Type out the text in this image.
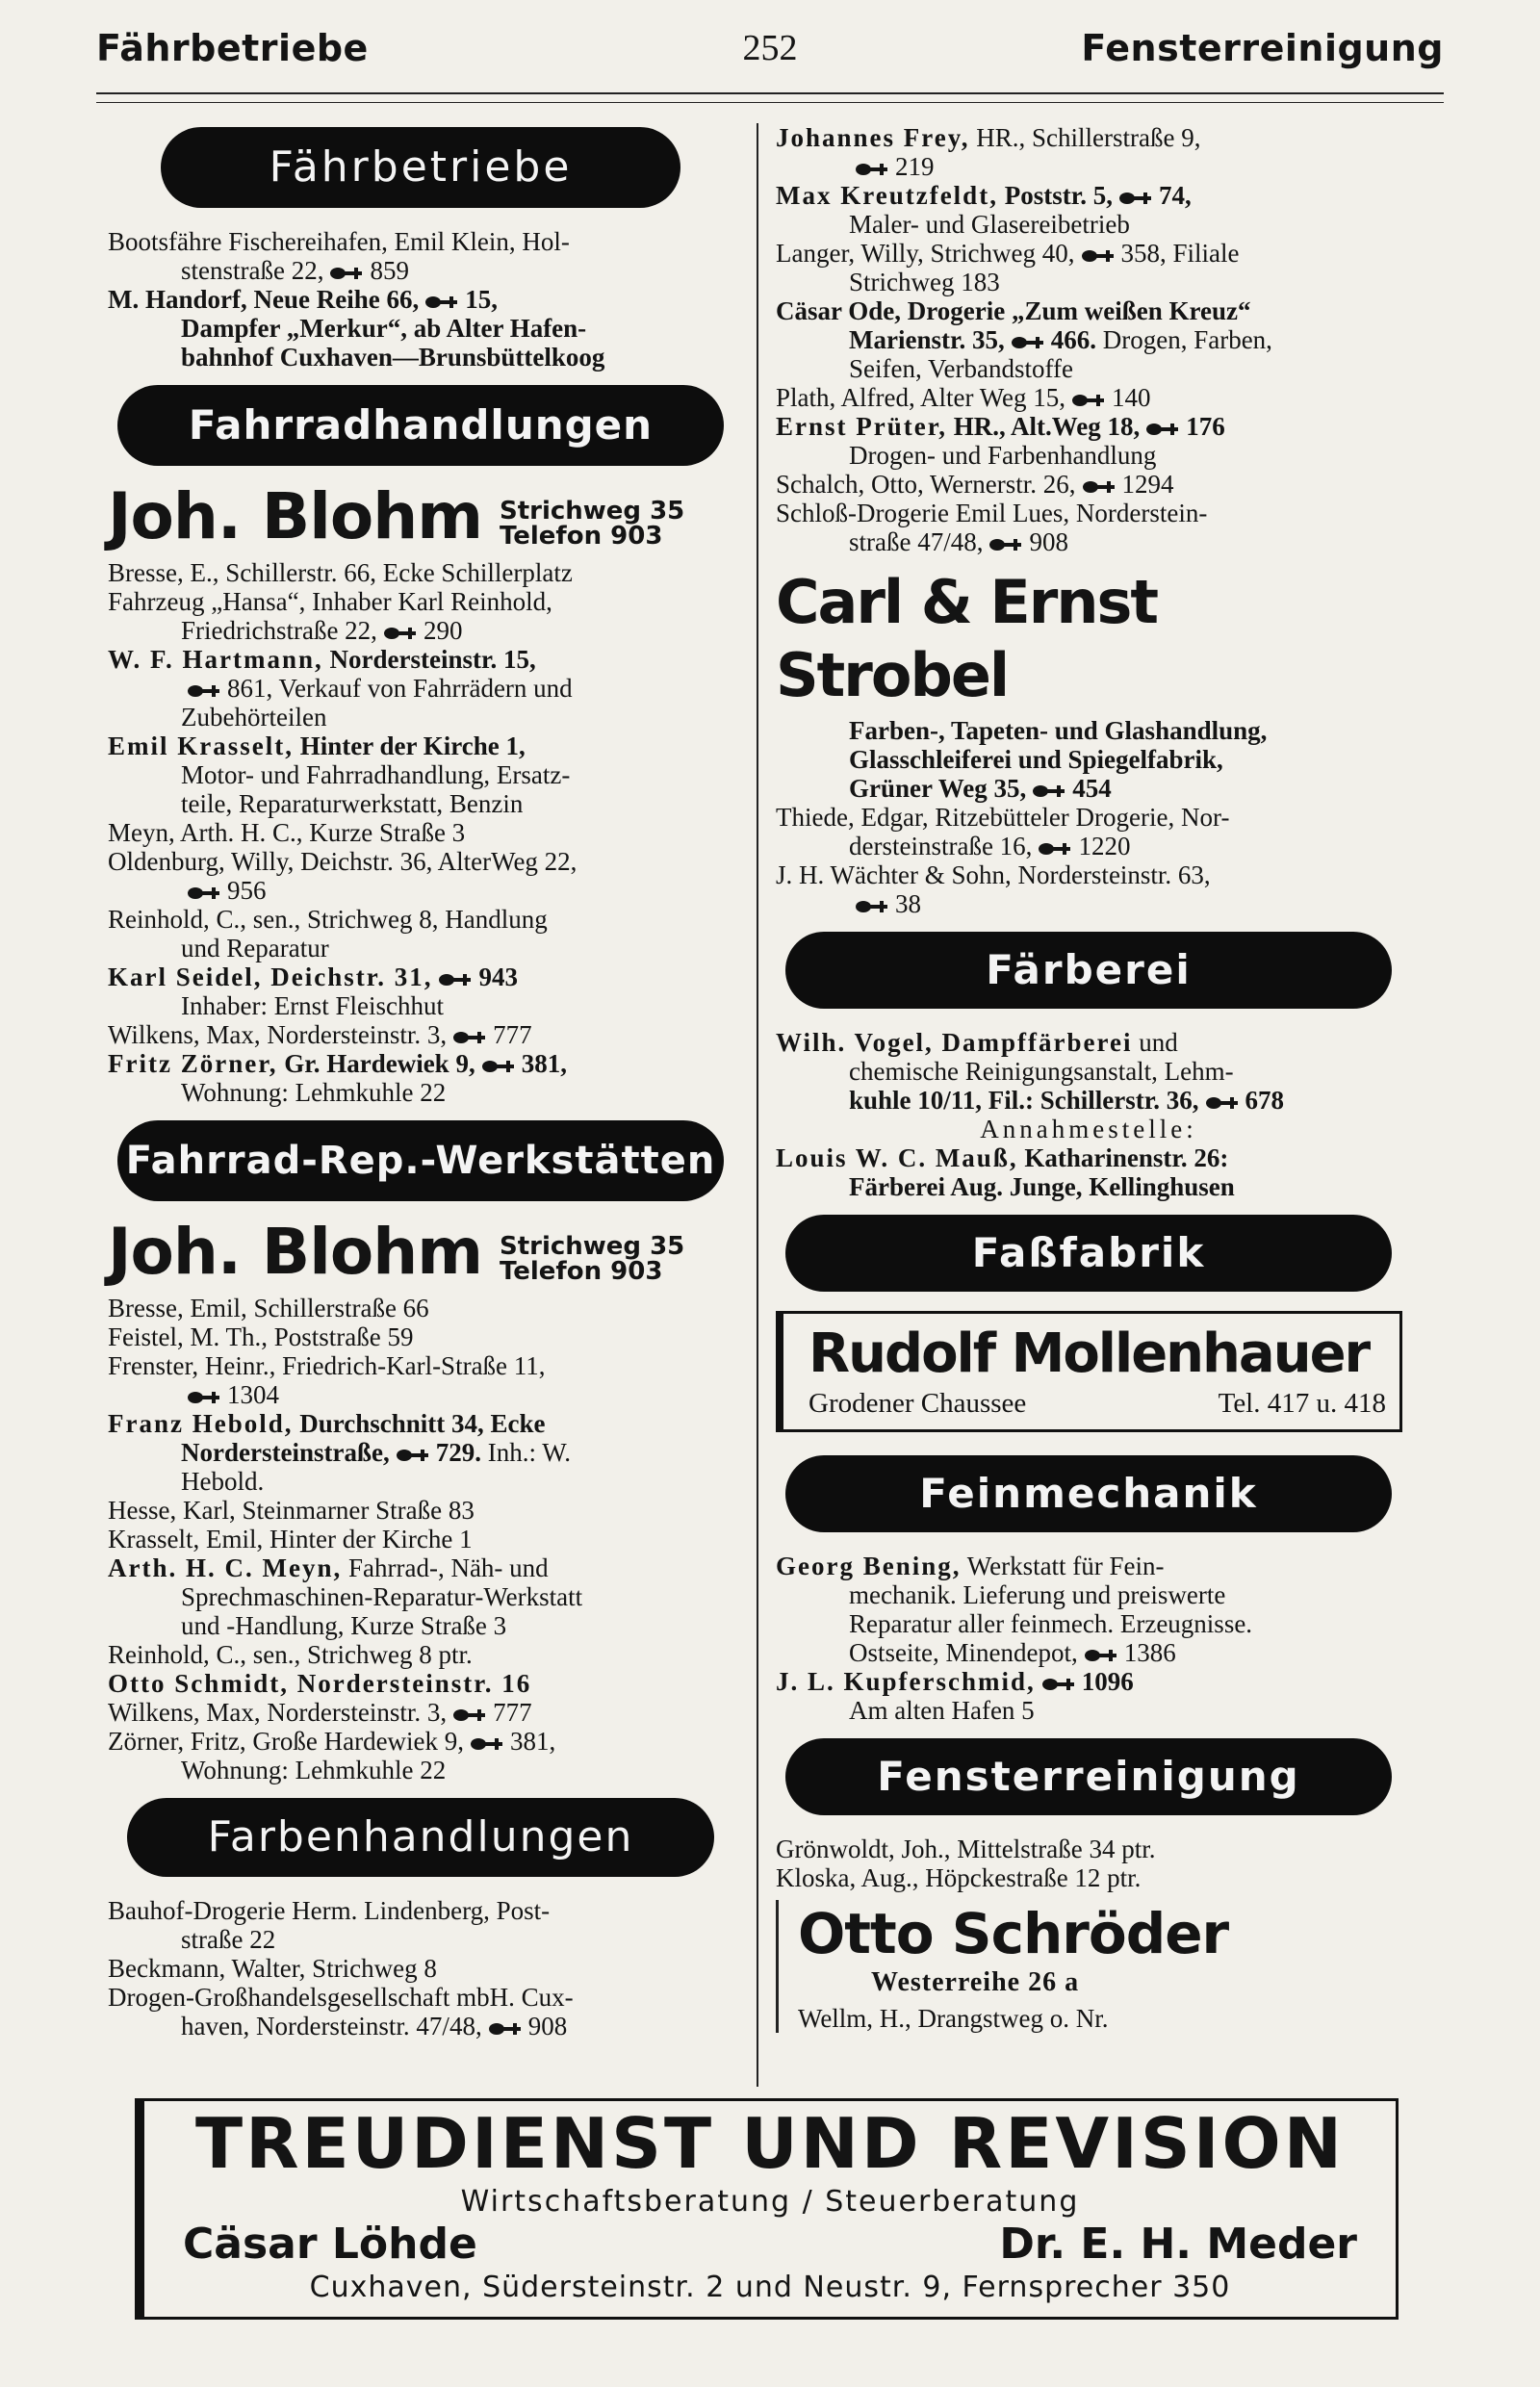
Fährbetriebe	252	Fensterreinigung
Fährbetriebe
Bootsfähre Fischereihafen, Emil Klein, Hol-
stenstraße 22, 859
M. Handorf, Neue Reihe 66, 15,
Dampfer „Merkur“, ab Alter Hafen-
bahnhof Cuxhaven—Brunsbüttelkoog
Fahrradhandlungen
Joh. Blohm Strichweg 35
Telefon 903
Bresse, E., Schillerstr. 66, Ecke Schillerplatz
Fahrzeug „Hansa“, Inhaber Karl Reinhold,
Friedrichstraße 22, 290
W. F. Hartmann, Nordersteinstr. 15,
861, Verkauf von Fahrrädern und
Zubehörteilen
Emil Krasselt, Hinter der Kirche 1,
Motor- und Fahrradhandlung, Ersatz-
teile, Reparaturwerkstatt, Benzin
Meyn, Arth. H. C., Kurze Straße 3
Oldenburg, Willy, Deichstr. 36, AlterWeg 22,
956
Reinhold, C., sen., Strichweg 8, Handlung
und Reparatur
Karl Seidel, Deichstr. 31, 943
Inhaber: Ernst Fleischhut
Wilkens, Max, Nordersteinstr. 3, 777
Fritz Zörner, Gr. Hardewiek 9, 381,
Wohnung: Lehmkuhle 22
Fahrrad-Rep.-Werkstätten
Joh. Blohm Strichweg 35
Telefon 903
Bresse, Emil, Schillerstraße 66
Feistel, M. Th., Poststraße 59
Frenster, Heinr., Friedrich-Karl-Straße 11,
1304
Franz Hebold, Durchschnitt 34, Ecke
Nordersteinstraße, 729. Inh.: W.
Hebold.
Hesse, Karl, Steinmarner Straße 83
Krasselt, Emil, Hinter der Kirche 1
Arth. H. C. Meyn, Fahrrad-, Näh- und
Sprechmaschinen-Reparatur-Werkstatt
und -Handlung, Kurze Straße 3
Reinhold, C., sen., Strichweg 8 ptr.
Otto Schmidt, Nordersteinstr. 16
Wilkens, Max, Nordersteinstr. 3, 777
Zörner, Fritz, Große Hardewiek 9, 381,
Wohnung: Lehmkuhle 22
Farbenhandlungen
Bauhof-Drogerie Herm. Lindenberg, Post-
straße 22
Beckmann, Walter, Strichweg 8
Drogen-Großhandelsgesellschaft mbH. Cux-
haven, Nordersteinstr. 47/48, 908
Johannes Frey, HR., Schillerstraße 9,
219
Max Kreutzfeldt, Poststr. 5, 74,
Maler- und Glasereibetrieb
Langer, Willy, Strichweg 40, 358, Filiale
Strichweg 183
Cäsar Ode, Drogerie „Zum weißen Kreuz“
Marienstr. 35, 466. Drogen, Farben,
Seifen, Verbandstoffe
Plath, Alfred, Alter Weg 15, 140
Ernst Prüter, HR., Alt.Weg 18, 176
Drogen- und Farbenhandlung
Schalch, Otto, Wernerstr. 26, 1294
Schloß-Drogerie Emil Lues, Norderstein-
straße 47/48, 908
Carl & Ernst Strobel
Farben-, Tapeten- und Glashandlung,
Glasschleiferei und Spiegelfabrik,
Grüner Weg 35, 454
Thiede, Edgar, Ritzebütteler Drogerie, Nor-
dersteinstraße 16, 1220
J. H. Wächter & Sohn, Nordersteinstr. 63,
38
Färberei
Wilh. Vogel, Dampffärberei und
chemische Reinigungsanstalt, Lehm-
kuhle 10/11, Fil.: Schillerstr. 36, 678
Annahmestelle:
Louis W. C. Mauß, Katharinenstr. 26:
Färberei Aug. Junge, Kellinghusen
Faßfabrik
Rudolf Mollenhauer
Grodener Chaussee	Tel. 417 u. 418
Feinmechanik
Georg Bening, Werkstatt für Fein-
mechanik. Lieferung und preiswerte
Reparatur aller feinmech. Erzeugnisse.
Ostseite, Minendepot, 1386
J. L. Kupferschmid, 1096
Am alten Hafen 5
Fensterreinigung
Grönwoldt, Joh., Mittelstraße 34 ptr.
Kloska, Aug., Höpckestraße 12 ptr.
Otto Schröder
Westerreihe 26 a
Wellm, H., Drangstweg o. Nr.
TREUDIENST UND REVISION
Wirtschaftsberatung / Steuerberatung
Cäsar Löhde	Dr. E. H. Meder
Cuxhaven, Südersteinstr. 2 und Neustr. 9, Fernsprecher 350
